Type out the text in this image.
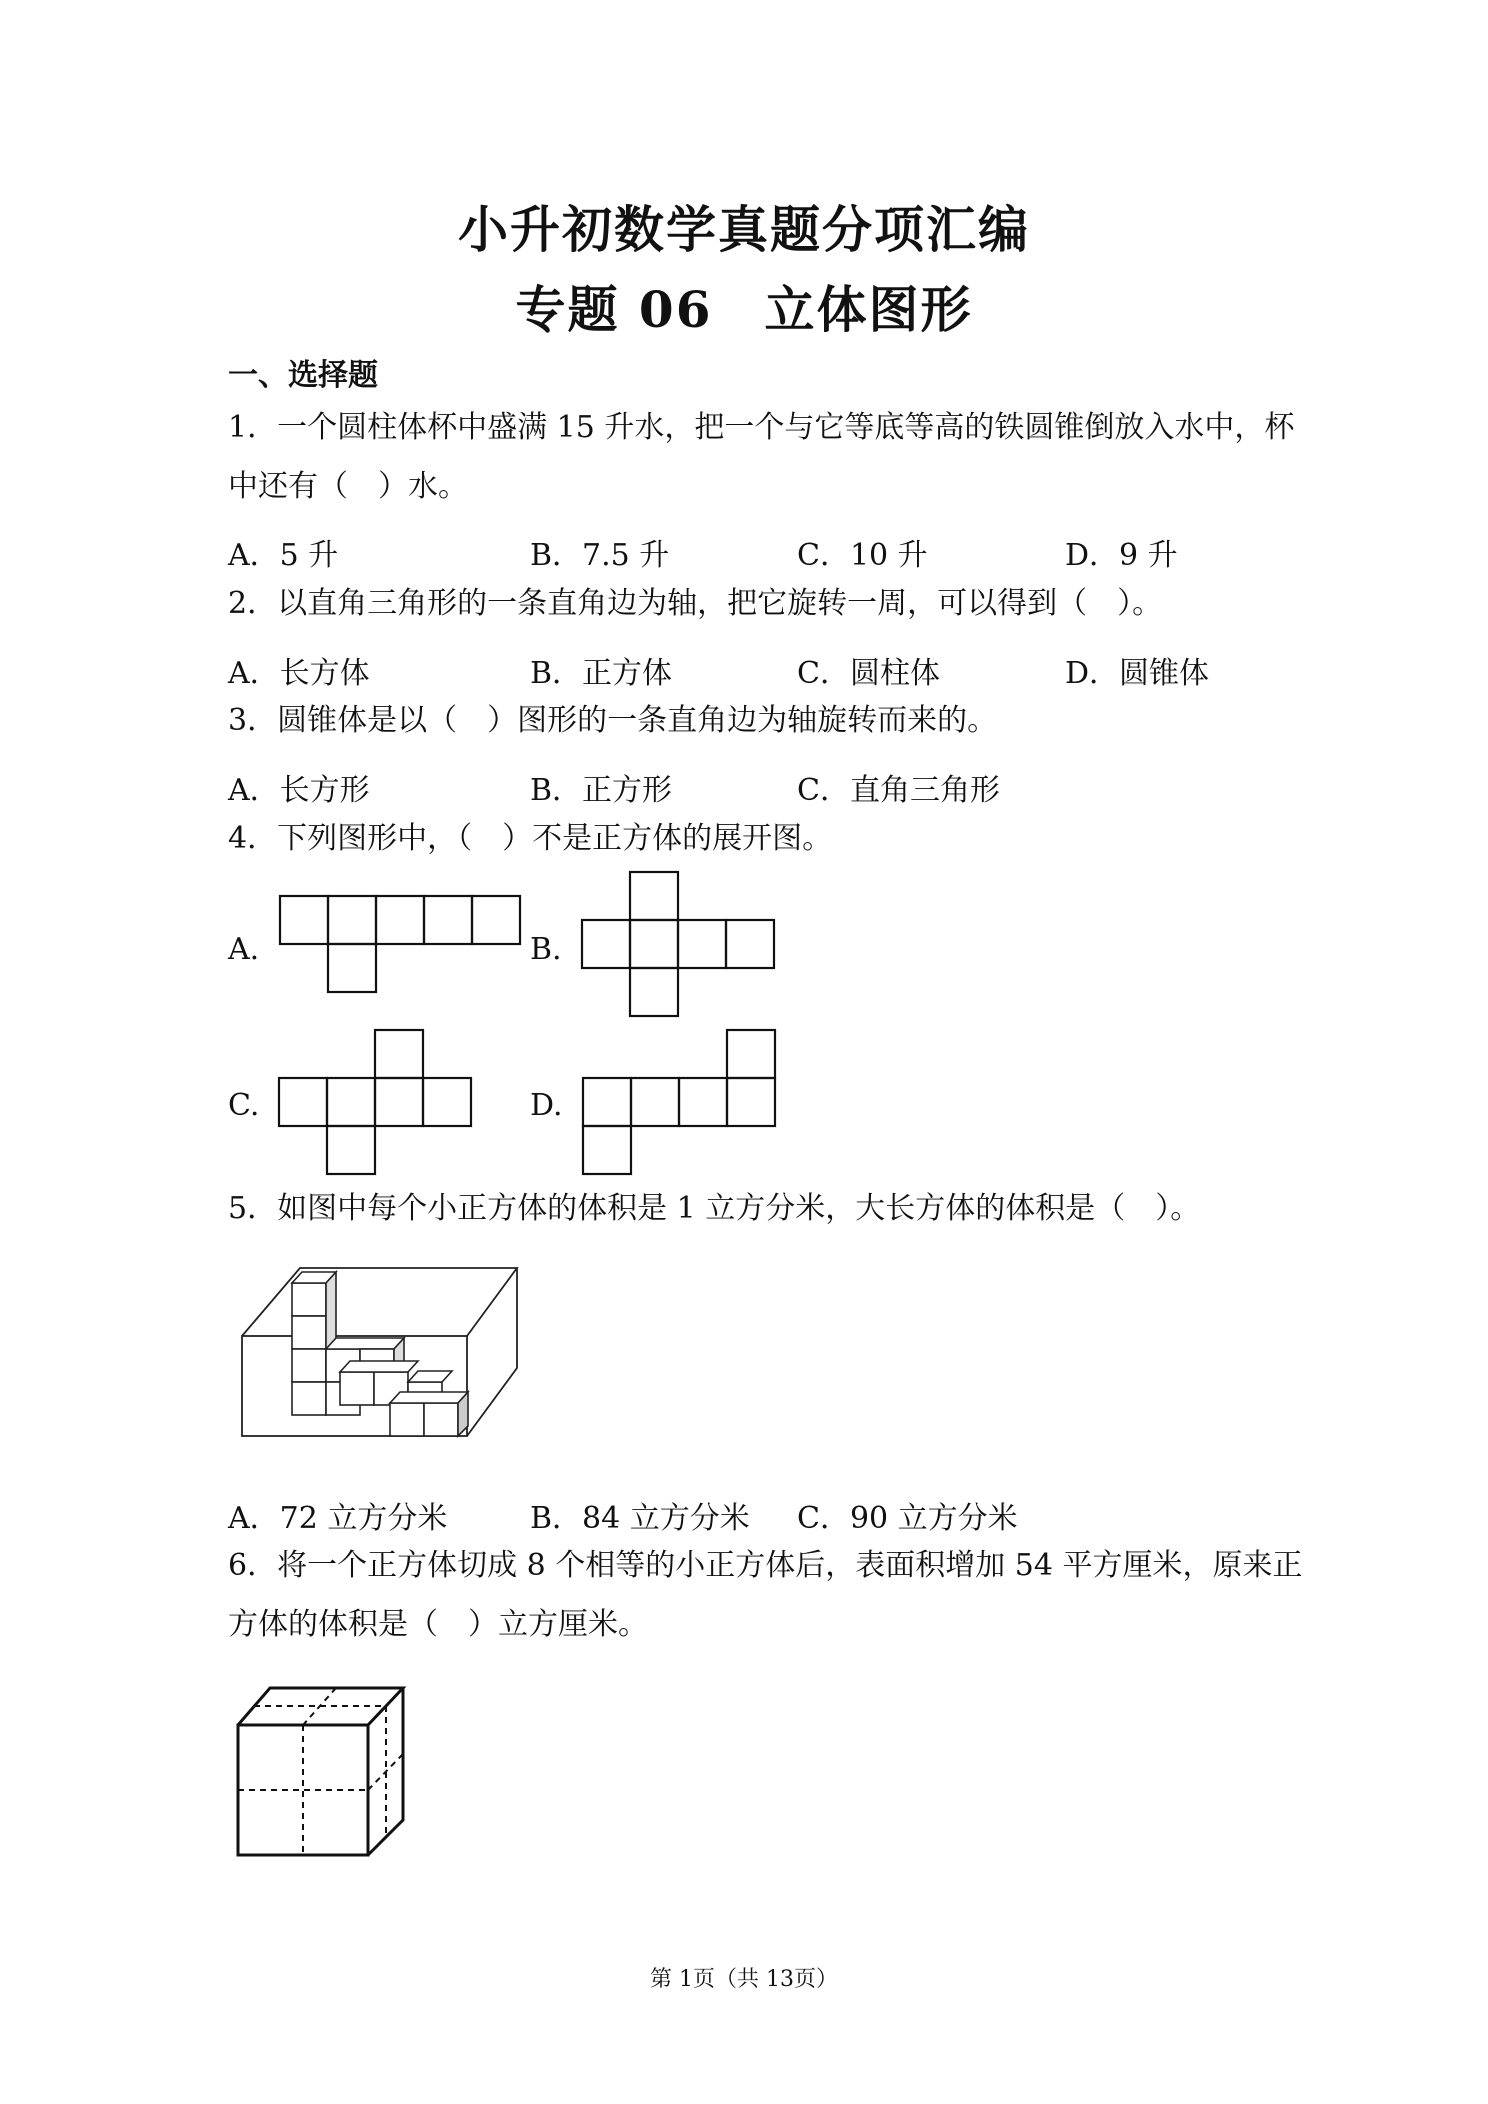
小升初数学真题分项汇编
专题 06　立体图形
一、选择题
1．一个圆柱体杯中盛满 15 升水，把一个与它等底等高的铁圆锥倒放入水中，杯
中还有（　）水。
A．5 升	B．7.5 升	C．10 升	D．9 升
2．以直角三角形的一条直角边为轴，把它旋转一周，可以得到（　）。
A．长方体	B．正方体	C．圆柱体	D．圆锥体
3．圆锥体是以（　）图形的一条直角边为轴旋转而来的。
A．长方形	B．正方形	C．直角三角形
4．下列图形中，（　）不是正方体的展开图。
A.	B.
C.	D.
5．如图中每个小正方体的体积是 1 立方分米，大长方体的体积是（　）。
A．72 立方分米	B．84 立方分米 C．90 立方分米
6．将一个正方体切成 8 个相等的小正方体后，表面积增加 54 平方厘米，原来正
方体的体积是（　）立方厘米。
第 1页（共 13页）
